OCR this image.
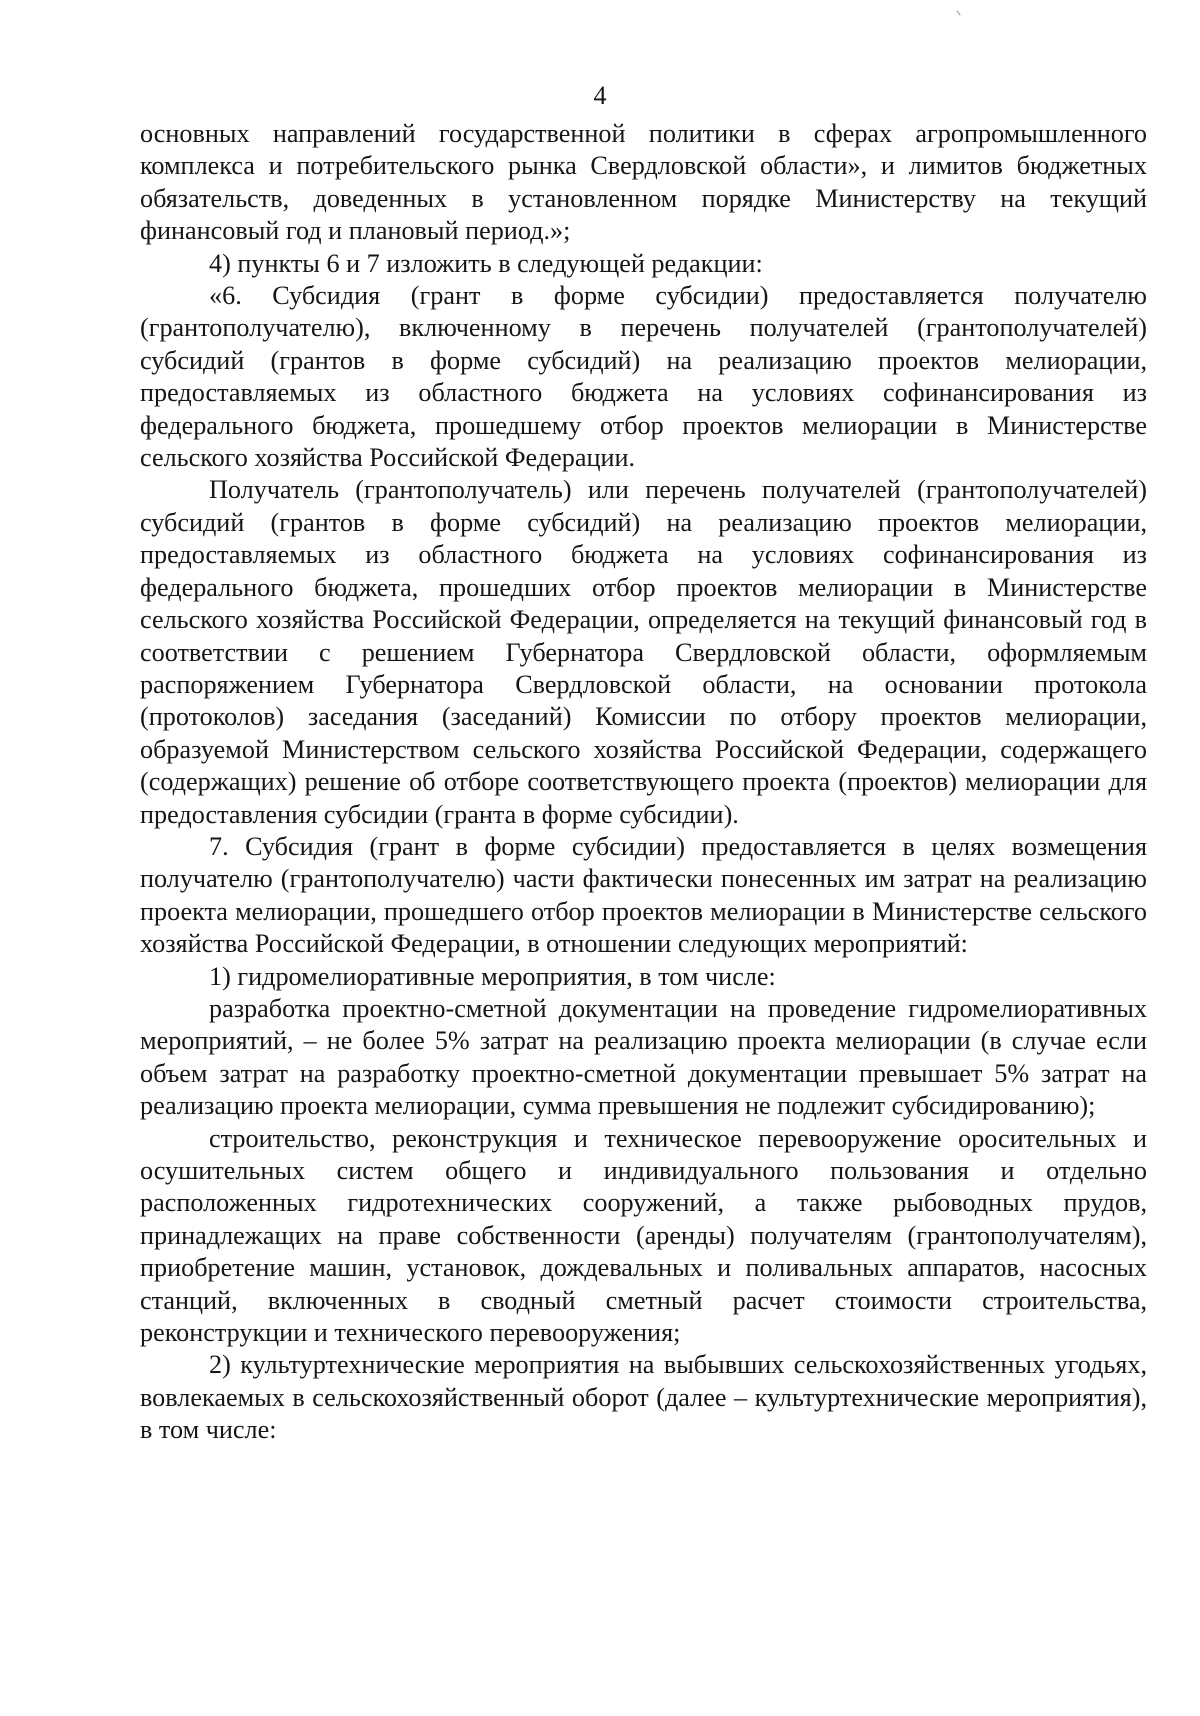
4

основных направлений государственной политики в сферах агропромышленного комплекса и потребительского рынка Свердловской области», и лимитов бюджетных обязательств, доведенных в установленном порядке Министерству на текущий финансовый год и плановый период.»;

4) пункты 6 и 7 изложить в следующей редакции:

«6. Субсидия (грант в форме субсидии) предоставляется получателю (грантополучателю), включенному в перечень получателей (грантополучателей) субсидий (грантов в форме субсидий) на реализацию проектов мелиорации, предоставляемых из областного бюджета на условиях софинансирования из федерального бюджета, прошедшему отбор проектов мелиорации в Министерстве сельского хозяйства Российской Федерации.

Получатель (грантополучатель) или перечень получателей (грантополучателей) субсидий (грантов в форме субсидий) на реализацию проектов мелиорации, предоставляемых из областного бюджета на условиях софинансирования из федерального бюджета, прошедших отбор проектов мелиорации в Министерстве сельского хозяйства Российской Федерации, определяется на текущий финансовый год в соответствии с решением Губернатора Свердловской области, оформляемым распоряжением Губернатора Свердловской области, на основании протокола (протоколов) заседания (заседаний) Комиссии по отбору проектов мелиорации, образуемой Министерством сельского хозяйства Российской Федерации, содержащего (содержащих) решение об отборе соответствующего проекта (проектов) мелиорации для предоставления субсидии (гранта в форме субсидии).

7. Субсидия (грант в форме субсидии) предоставляется в целях возмещения получателю (грантополучателю) части фактически понесенных им затрат на реализацию проекта мелиорации, прошедшего отбор проектов мелиорации в Министерстве сельского хозяйства Российской Федерации, в отношении следующих мероприятий:

1) гидромелиоративные мероприятия, в том числе:

разработка проектно-сметной документации на проведение гидромелиоративных мероприятий, – не более 5% затрат на реализацию проекта мелиорации (в случае если объем затрат на разработку проектно-сметной документации превышает 5% затрат на реализацию проекта мелиорации, сумма превышения не подлежит субсидированию);

строительство, реконструкция и техническое перевооружение оросительных и осушительных систем общего и индивидуального пользования и отдельно расположенных гидротехнических сооружений, а также рыбоводных прудов, принадлежащих на праве собственности (аренды) получателям (грантополучателям), приобретение машин, установок, дождевальных и поливальных аппаратов, насосных станций, включенных в сводный сметный расчет стоимости строительства, реконструкции и технического перевооружения;

2) культуртехнические мероприятия на выбывших сельскохозяйственных угодьях, вовлекаемых в сельскохозяйственный оборот (далее – культуртехнические мероприятия), в том числе:
